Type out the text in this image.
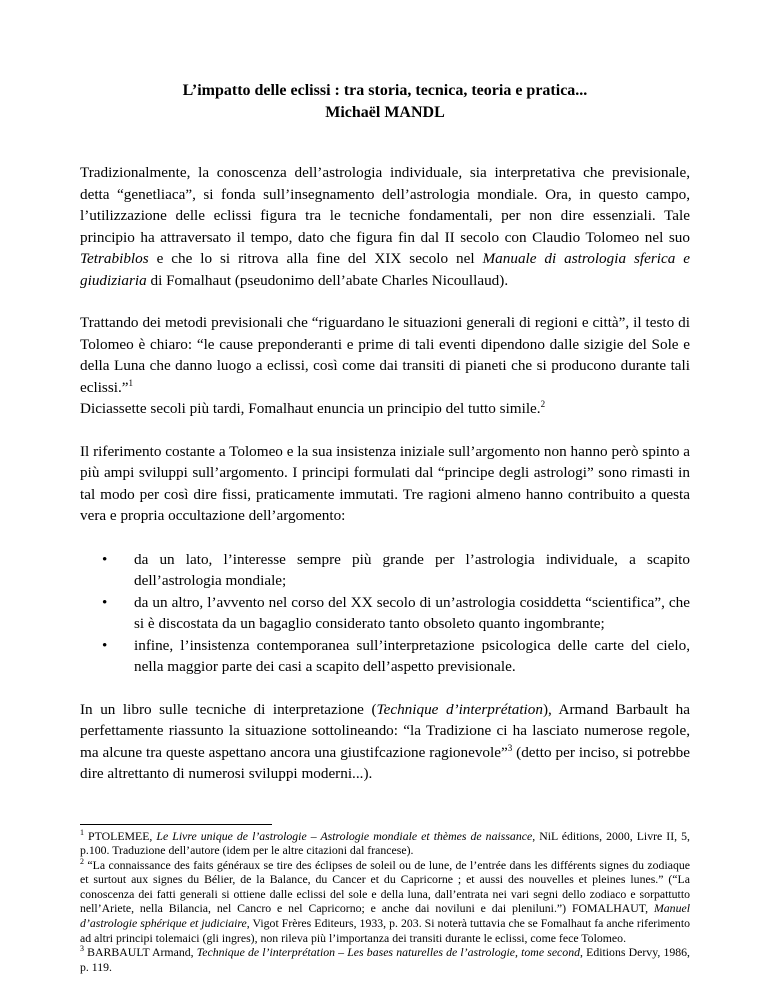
L’impatto delle eclissi : tra storia, tecnica, teoria e pratica...

Michaël MANDL

Tradizionalmente, la conoscenza dell’astrologia individuale, sia interpretativa che previsionale, detta “genetliaca”, si fonda sull’insegnamento dell’astrologia mondiale. Ora, in questo campo, l’utilizzazione delle eclissi figura tra le tecniche fondamentali, per non dire essenziali. Tale principio ha attraversato il tempo, dato che figura fin dal II secolo con Claudio Tolomeo nel suo Tetrabiblos e che lo si ritrova alla fine del XIX secolo nel Manuale di astrologia sferica e giudiziaria di Fomalhaut (pseudonimo dell’abate Charles Nicoullaud).

Trattando dei metodi previsionali che “riguardano le situazioni generali di regioni e città”, il testo di Tolomeo è chiaro: “le cause preponderanti e prime di tali eventi dipendono dalle sizigie del Sole e della Luna che danno luogo a eclissi, così come dai transiti di pianeti che si producono durante tali eclissi.”$^1$

Diciassette secoli più tardi, Fomalhaut enuncia un principio del tutto simile.$^2$

Il riferimento costante a Tolomeo e la sua insistenza iniziale sull’argomento non hanno però spinto a più ampi sviluppi sull’argomento. I principi formulati dal “principe degli astrologi” sono rimasti in tal modo per così dire fissi, praticamente immutati. Tre ragioni almeno hanno contribuito a questa vera e propria occultazione dell’argomento:

• da un lato, l’interesse sempre più grande per l’astrologia individuale, a scapito dell’astrologia mondiale;
• da un altro, l’avvento nel corso del XX secolo di un’astrologia cosiddetta “scientifica”, che si è discostata da un bagaglio considerato tanto obsoleto quanto ingombrante;
• infine, l’insistenza contemporanea sull’interpretazione psicologica delle carte del cielo, nella maggior parte dei casi a scapito dell’aspetto previsionale.

In un libro sulle tecniche di interpretazione (Technique d’interprétation), Armand Barbault ha perfettamente riassunto la situazione sottolineando: “la Tradizione ci ha lasciato numerose regole, ma alcune tra queste aspettano ancora una giustifcazione ragionevole”$^3$ (detto per inciso, si potrebbe dire altrettanto di numerosi sviluppi moderni...).

$^1$ PTOLEMEE, Le Livre unique de l’astrologie – Astrologie mondiale et thèmes de naissance, NiL éditions, 2000, Livre II, 5, p.100. Traduzione dell’autore (idem per le altre citazioni dal francese).

$^2$ “La connaissance des faits généraux se tire des éclipses de soleil ou de lune, de l’entrée dans les différents signes du zodiaque et surtout aux signes du Bélier, de la Balance, du Cancer et du Capricorne ; et aussi des nouvelles et pleines lunes.” (“La conoscenza dei fatti generali si ottiene dalle eclissi del sole e della luna, dall’entrata nei vari segni dello zodiaco e sorpattutto nell’Ariete, nella Bilancia, nel Cancro e nel Capricorno; e anche dai noviluni e dai pleniluni.”) FOMALHAUT, Manuel d’astrologie sphérique et judiciaire, Vigot Frères Editeurs, 1933, p. 203. Si noterà tuttavia che se Fomalhaut fa anche riferimento ad altri principi tolemaici (gli ingres), non rileva più l’importanza dei transiti durante le eclissi, come fece Tolomeo.

$^3$ BARBAULT Armand, Technique de l’interprétation – Les bases naturelles de l’astrologie, tome second, Editions Dervy, 1986, p. 119.
